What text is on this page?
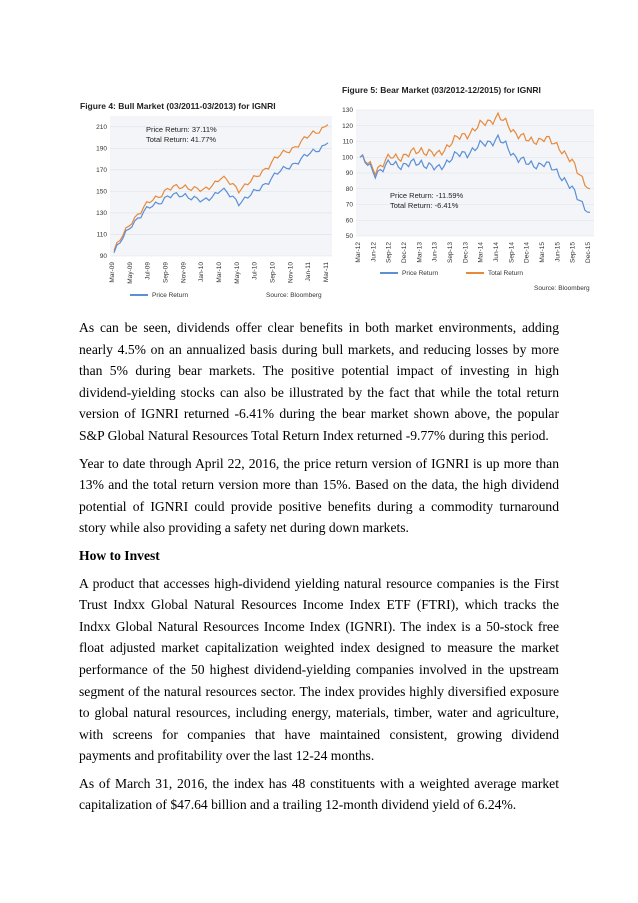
Figure 4: Bull Market (03/2011-03/2013) for IGNRI
90
110
130
150
170
190
210
Mar-09 May-09 Jul-09 Sep-09 Nov-09 Jan-10 Mar-10 May-10 Jul-10 Sep-10 Nov-10 Jan-11 Mar-11
Price Return: 37.11%
Total Return: 41.77%
Price Return	Source: Bloomberg
Figure 5: Bear Market (03/2012-12/2015) for IGNRI
50
60
70
80
90
100
110
120
130
Mar-12 Jun-12 Sep-12 Dec-12 Mar-13 Jun-13 Sep-13 Dec-13 Mar-14 Jun-14 Sep-14 Dec-14 Mar-15 Jun-15 Sep-15 Dec-15
Price Return: -11.59%
Total Return: -6.41%
Price Return	Total Return
Source: Bloomberg

As can be seen, dividends offer clear benefits in both market environments, adding nearly 4.5% on an annualized basis during bull markets, and reducing losses by more than 5% during bear markets. The positive potential impact of investing in high dividend-yielding stocks can also be illustrated by the fact that while the total return version of IGNRI returned -6.41% during the bear market shown above, the popular S&P Global Natural Resources Total Return Index returned -9.77% during this period.

Year to date through April 22, 2016, the price return version of IGNRI is up more than 13% and the total return version more than 15%. Based on the data, the high dividend potential of IGNRI could provide positive benefits during a commodity turnaround story while also providing a safety net during down markets.

How to Invest

A product that accesses high-dividend yielding natural resource companies is the First Trust Indxx Global Natural Resources Income Index ETF (FTRI), which tracks the Indxx Global Natural Resources Income Index (IGNRI). The index is a 50-stock free float adjusted market capitalization weighted index designed to measure the market performance of the 50 highest dividend-yielding companies involved in the upstream segment of the natural resources sector. The index provides highly diversified exposure to global natural resources, including energy, materials, timber, water and agriculture, with screens for companies that have maintained consistent, growing dividend payments and profitability over the last 12-24 months.

As of March 31, 2016, the index has 48 constituents with a weighted average market capitalization of $47.64 billion and a trailing 12-month dividend yield of 6.24%.
